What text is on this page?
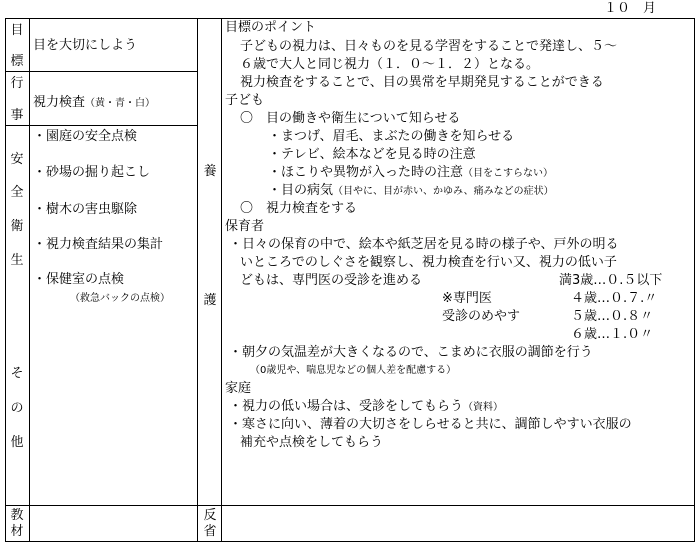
１０　月
目
標
行
事
安
全
衛
生
そ
の
他
教
材
目を大切にしよう
視力検査（黄・青・白）
・園庭の安全点検
・砂場の掘り起こし
・樹木の害虫駆除
・視力検査結果の集計
・保健室の点検
（救急バックの点検）
養
護
反
省
目標のポイント
子どもの視力は、日々ものを見る学習をすることで発達し、５～
６歳で大人と同じ視力（１．０～１．２）となる。
視力検査をすることで、目の異常を早期発見することができる
子ども
〇　目の働きや衛生について知らせる
・まつげ、眉毛、まぶたの働きを知らせる
・テレビ、絵本などを見る時の注意
・ほこりや異物が入った時の注意（目をこすらない）
・目の病気（目やに、目が赤い、かゆみ、痛みなどの症状）
〇　視力検査をする
保育者
・日々の保育の中で、絵本や紙芝居を見る時の様子や、戸外の明る
いところでのしぐさを観察し、視力検査を行い又、視力の低い子
どもは、専門医の受診を進める
※専門医
受診のめやす
満3歳…０.５以下
４歳…０.７.〃
５歳…０.８〃
６歳…１.０〃
・朝夕の気温差が大きくなるので、こまめに衣服の調節を行う
（0歳児や、喘息児などの個人差を配慮する）
家庭
・視力の低い場合は、受診をしてもらう（資料）
・寒さに向い、薄着の大切さをしらせると共に、調節しやすい衣服の
補充や点検をしてもらう
